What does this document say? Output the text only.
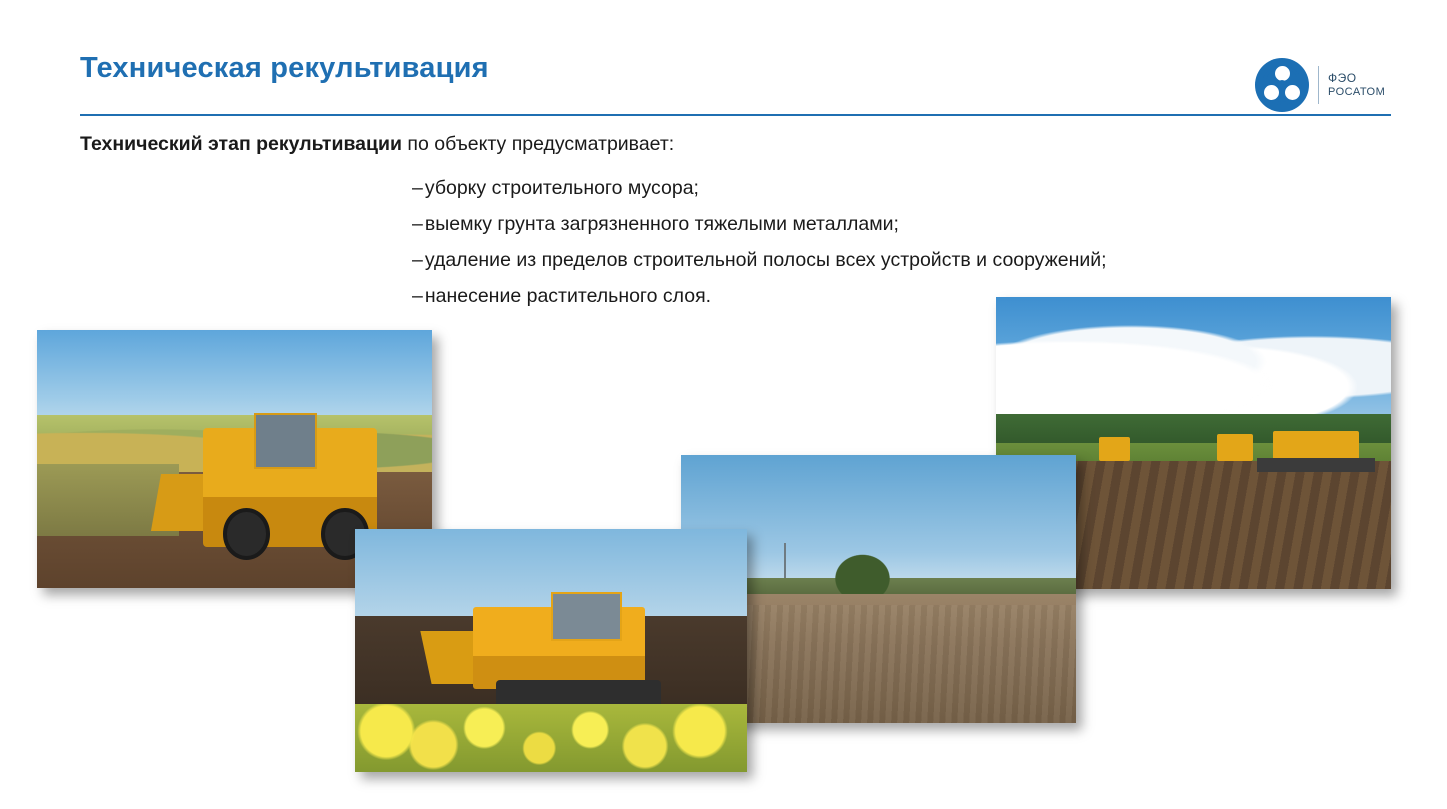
Техническая рекультивация	ФЭО
РОСАТОМ
Технический этап рекультивации по объекту предусматривает:
– уборку строительного мусора;
– выемку грунта загрязненного тяжелыми металлами;
– удаление из пределов строительной полосы всех устройств и сооружений;
– нанесение растительного слоя.
